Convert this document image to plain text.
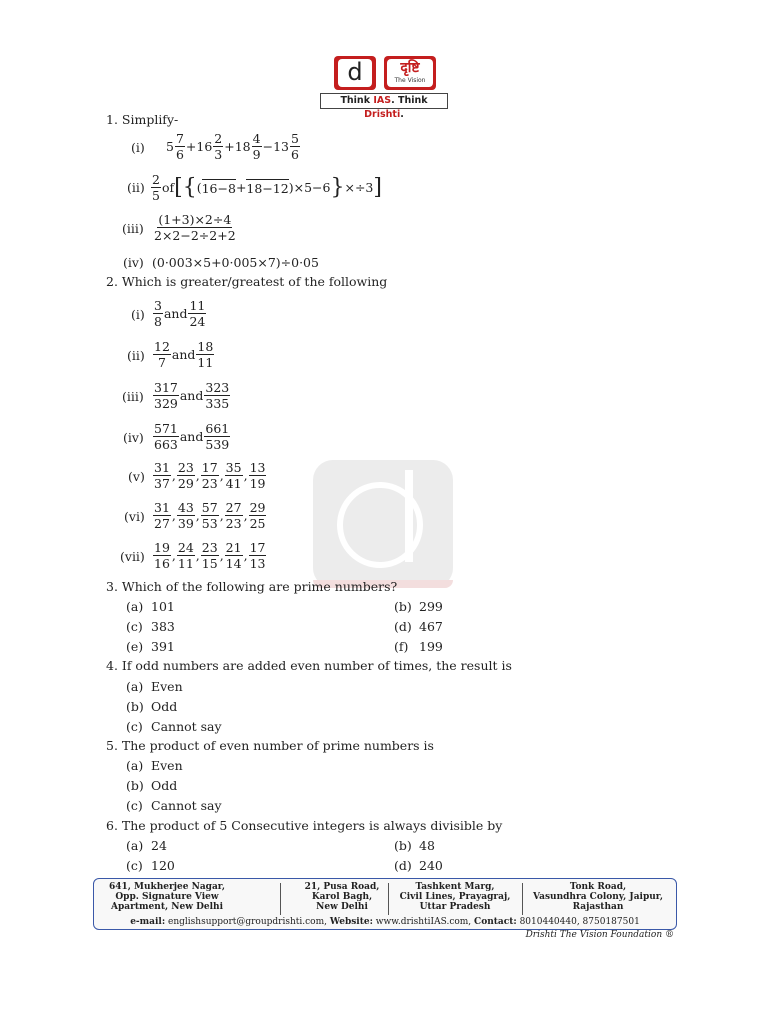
d	दृष्टि
The Vision
Think IAS. Think Drishti.
1. Simplify-
(i) $5 \frac{7}{6} +16 \frac{2}{3} +18 \frac{4}{9} -13 \frac{5}{6}$
$(ii) \frac{2}{5}$ of [ { ( 16−8 + 18−12 ) ×5−6 } ×÷3 ]
$(iii) \frac{(1+3)\times 2\div 4}{2\times 2-2\div 2+2}$
(iv) (0·003×5+0·005×7)÷0·05
2. Which is greater/greatest of the following
$(i) \frac{3}{8}$ and $\frac{11}{24}$
$(ii) \frac{12}{7}$ and $\frac{18}{11}$
$(iii) \frac{317}{329}$ and $\frac{323}{335}$
$(iv) \frac{571}{663}$ and $\frac{661}{539}$
$(v) \frac{31}{37}$ , $\frac{23}{29}$ , $\frac{17}{23}$ , $\frac{35}{41}$ , $\frac{13}{19}$
$(vi) \frac{31}{27}$ , $\frac{43}{39}$ , $\frac{57}{53}$ , $\frac{27}{23}$ , $\frac{29}{25}$
$(vii) \frac{19}{16}$ , $\frac{24}{11}$ , $\frac{23}{15}$ , $\frac{21}{14}$ , $\frac{17}{13}$
3. Which of the following are prime numbers?
(a) 101	(b) 299
(c) 383	(d) 467
(e) 391	(f) 199
4. If odd numbers are added even number of times, the result is
(a) Even
(b) Odd
(c) Cannot say
5. The product of even number of prime numbers is
(a) Even
(b) Odd
(c) Cannot say
6. The product of 5 Consecutive integers is always divisible by
(a) 24	(b) 48
(c) 120	(d) 240
641, Mukherjee Nagar,
Opp. Signature View
Apartment, New Delhi
21, Pusa Road,
Karol Bagh,
New Delhi
Tashkent Marg,
Civil Lines, Prayagraj,
Uttar Pradesh
Tonk Road,
Vasundhra Colony, Jaipur,
Rajasthan
e-mail: englishsupport@groupdrishti.com, Website: www.drishtiIAS.com, Contact: 8010440440, 8750187501
Drishti The Vision Foundation ®
